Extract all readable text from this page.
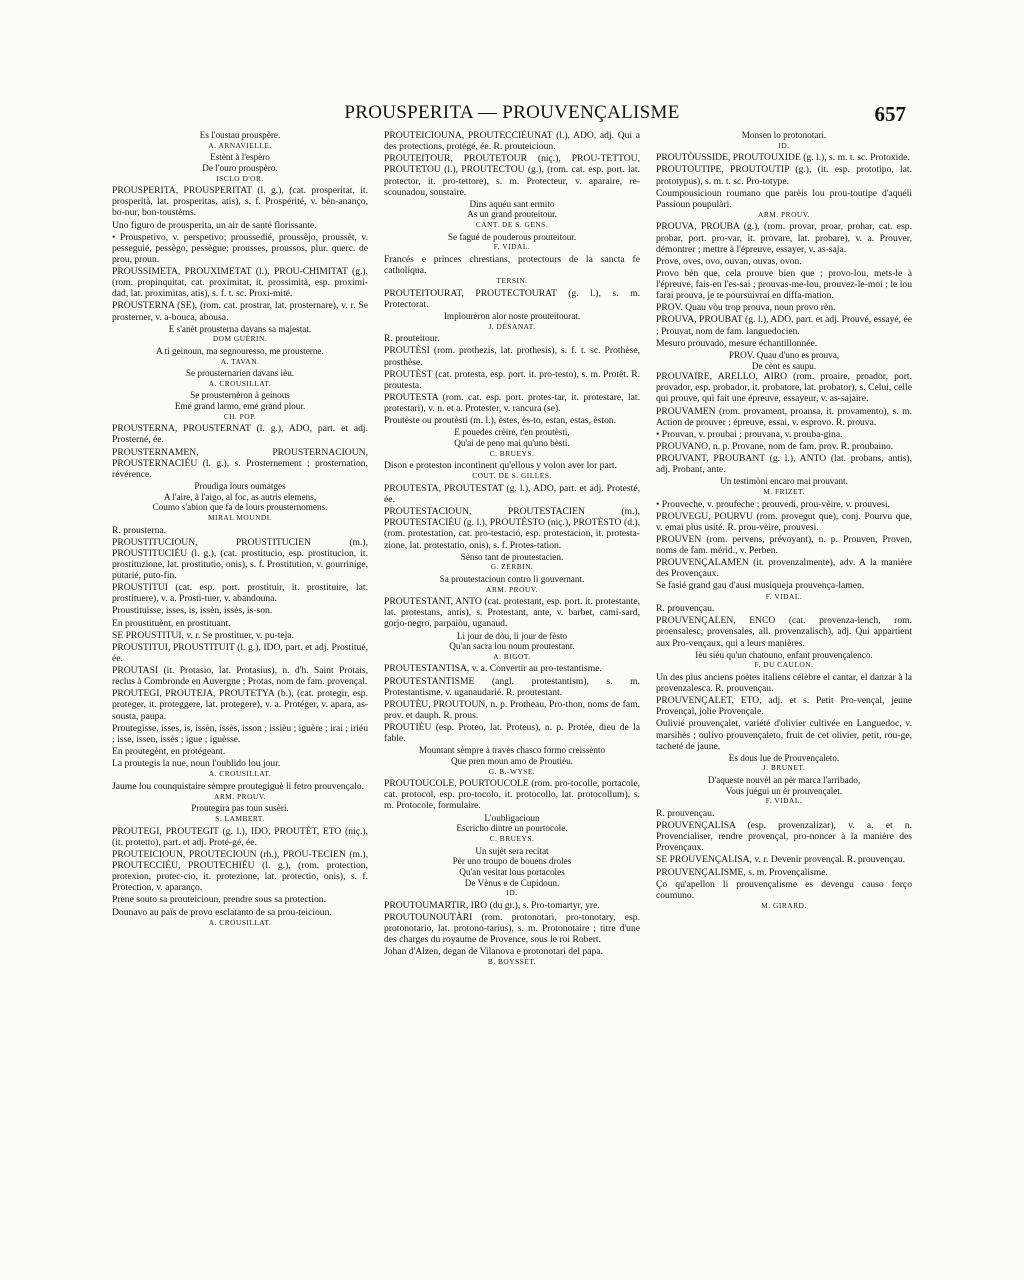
PROUSPERITA — PROUVENÇALISME	657

Es l'oustau prouspère.

A. ARNAVIELLE.

Estènt à l'espèro

De l'ouro prouspèro.

ISCLO D'OR.

PROUSPERITA, PROUSPERITAT (l. g.), (cat. prosperitat, it. prosperità, lat. prosperitas, atis), s. f. Prospérité, v. bèn-ananço, bo-nur, bon-toustèms.

Uno figuro de prousperita, un air de santé florissante.

• Prouspetivo, v. perspetivo; proussedié, proussèjo, proussèt, v. pesseguié, pessègo, pessègue; prousses, proussos, plur. querc. de prou, proun.

PROUSSIMETA, PROUXIMETAT (l.), PROU-CHIMITAT (g.), (rom. propinquitat, cat. proximitat, it. prossimità, esp. proximi-dad, lat. proximitas, atis), s. f. t. sc. Proxi-mité.

PROUSTERNA (SE), (rom. cat. prostrar, lat. prosternare), v. r. Se prosterner, v. a-bouca, abousa.

E s'anèt prousterna davans sa majestat.

DOM GUÉRIN.

A ti geinoun, ma segnouresso, me prousterne.

A. TAVAN.

Se prousternarien davans ièu.

A. CROUSILLAT.

Se prousternèron à geinous

Emé grand larmo, emé grand plour.

CH. POP.

PROUSTERNA, PROUSTERNAT (l. g.), ADO, part. et adj. Prosterné, ée.

PROUSTERNAMEN, PROUSTERNACIOUN, PROUSTERNACIÉU (l. g.), s. Prosternement ; prosternation, révérence.

Proudiga lours oumatges

A l'aire, à l'aigo, al foc, as autris elemens,

Coumo s'abion que fa de lours prousternomens.

MIRAL MOUNDI.

R. prousterna.

PROUSTITUCIOUN, PROUSTITUCIEN (m.), PROUSTITUCIÉU (l. g.), (cat. prostitucio, esp. prostitucion, it. prostituzione, lat. prostitutio, onis), s. f. Prostitution, v. gourrinige, putarié, puto-fin.

PROUSTITUI (cat. esp. port. prostituir, it. prostituire, lat. prostituere), v. a. Prosti-tuer, v. abandouna.

Proustituisse, isses, is, issèn, issès, is-son.

En proustituènt, en prostituant.

SE PROUSTITUI, v. r. Se prostituer, v. pu-teja.

PROUSTITUI, PROUSTITUIT (l. g.), IDO, part. et adj. Prostitué, ée.

PROUTASI (it. Protasio, lat. Protasius), n. d'h. Saint Protais, reclus à Combronde en Auvergne ; Protas, nom de fam. provençal.

PROUTEGI, PROUTEJA, PROUTETYA (b.), (cat. protegir, esp. proteger, it. proteggere, lat. protegere), v. a. Protéger, v. apara, as-sousta, paupa.

Proutegisse, isses, is, issèn, issès, isson ; issièu ; iguère ; irai ; iriéu ; isse, issen, issès ; igue ; iguèsse.

En proutegènt, en protégeant.

La proutegis la nue, noun l'oublido lou jour.

A. CROUSILLAT.

Jaume lou counquistaire sèmpre proutegiguè li fetro prouvençalo.

ARM. PROUV.

Proutegira pas toun susèri.

S. LAMBERT.

PROUTEGI, PROUTEGIT (g. l.), IDO, PROUTÈT, ETO (niç.), (it. protetto), part. et adj. Proté-gé, ée.

PROUTEICIOUN, PROUTECIOUN (rh.), PROU-TECIEN (m.), PROUTECCIÉU, PROUTECHIÉU (l. g.), (rom. protection, protexion, protec-cio, it. protezione, lat. protectio, onis), s. f. Protection, v. aparanço.

Prene souto sa prouteicioun, prendre sous sa protection.

Dounavo au païs de provo esclatanto de sa prou-teicioun.

A. CROUSILLAT.

PROUTEICIOUNA, PROUTECCIÉUNAT (l.), ADO, adj. Qui a des protections, protégé, ée. R. prouteicioun.

PROUTEITOUR, PROUTETOUR (niç.), PROU-TETTOU, PROUTETOU (l.), PROUTECTOU (g.), (rom. cat. esp. port. lat. protector, it. pro-tettore), s. m. Protecteur, v. aparaire, re-scounadou, soustaire.

Dins aquéu sant ermito

As un grand prouteitour.

CANT. DE S. GENS.

Se fagué de pouderous prouteitour.

F. VIDAL.

Francés e princes chrestians, protectours de la sancta fe catholiqua.

TERSIN.

PROUTEITOURAT, PROUTECTOURAT (g. l.), s. m. Protectorat.

Implourèron alor noste prouteitourat.

J. DÉSANAT.

R. prouteitour.

PROUTÈSI (rom. prothezis, lat. prothesis), s. f. t. sc. Prothèse, prosthèse.

PROUTÈST (cat. protesta, esp. port. it. pro-testo), s. m. Protêt. R. proutesta.

PROUTESTA (rom. cat. esp. port. protes-tar, it. protestare, lat. protestari), v. n. et a. Protester, v. rancura (se).

Proutèste ou proutèsti (m. l.), èstes, ès-to, estan, estas, èston.

E pouedes crèire, t'en proutèsti,

Qu'ai de peno mai qu'uno bèsti.

C. BRUEYS.

Dison e proteston incontinent qu'ellous y volon aver lor part.

COUT. DE S. GILLES.

PROUTESTA, PROUTESTAT (g. l.), ADO, part. et adj. Protesté, ée.

PROUTESTACIOUN, PROUTESTACIEN (m.), PROUTESTACIÉU (g. l.), PROUTÈSTO (niç.), PROTÈSTO (d.), (rom. protestation, cat. pro-testació, esp. protestacion, it. protesta-zione, lat. protestatio, onis), s. f. Protes-tation.

Sènso tant de proutestacien.

G. ZERBIN.

Sa proutestacioun contro li gouvernant.

ARM. PROUV.

PROUTESTANT, ANTO (cat. protestant, esp. port. it. protestante, lat. protestans, antis), s. Protestant, ante, v. barbet, cami-sard, gorjo-negro, parpaiòu, uganaud.

Li jour de dòu, li jour de fèsto

Qu'an sacra lou noum proutestant.

A. BIGOT.

PROUTESTANTISA, v. a. Convertir au pro-testantisme.

PROUTESTANTISME (angl. protestantism), s. m. Protestantisme, v. uganaudarié. R. proutestant.

PROUTÈU, PROUTOUN, n. p. Protheau, Pro-thon, noms de fam. prov. et dauph. R. prous.

PROUTIÈU (esp. Proteo, lat. Proteus), n. p. Protée, dieu de la fable.

Mountant sèmpre à travès chasco formo creissènto

Que pren moun amo de Proutièu.

G. B.-WYSE.

PROUTOUCOLE, POURTOUCOLE (rom. pro-tocolle, portacole, cat. protocol, esp. pro-tocolo, it. protocollo, lat. protocollum), s. m. Protocole, formulaire.

L'oubligacioun

Escricho dintre un pourtocole.

C. BRUEYS.

Un sujèt sera recitat

Pèr uno troupo de bouens droles

Qu'an vesitat lous portacoles

De Vènus e de Cupidoun.

ID.

PROUTOUMARTIR, IRO (du gr.), s. Pro-tomartyr, yre.

PROUTOUNOUTÀRI (rom. protonotari, pro-tonotary, esp. protonotario, lat. protono-tarius), s. m. Protonotaire ; titre d'une des charges du royaume de Provence, sous le roi Robert.

Johan d'Alzen, degan de Vilanova e protonotari del papa.

B. BOYSSET.

Monsen lo protonotari.

ID.

PROUTÒUSSIDE, PROUTOUXIDE (g. l.), s. m. t. sc. Protoxide.

PROUTOUTIPE, PROUTOUTIP (g.), (it. esp. prototipo, lat. prototypus), s. m. t. sc. Pro-totype.

Coumpousicioun roumano que parèis lou prou-toutipe d'aquéli Passioun poupulàri.

ARM. PROUV.

PROUVA, PROUBA (g.), (rom. provar, proar, prohar, cat. esp. probar, port. pro-var, it. provare, lat. probare), v. a. Prouver, démontrer ; mettre à l'épreuve, essayer, v. as-saja.

Prove, oves, ovo, ouvan, ouvas, ovon.

Provo bèn que, cela prouve bien que ; provo-lou, mets-le à l'épreuve, fais-en l'es-sai ; prouvas-me-lou, prouvez-le-moi ; le lou farai prouva, je te poursuivrai en diffa-mation.

PROV. Quau vòu trop prouva, noun provo rèn.

PROUVA, PROUBAT (g. l.), ADO, part. et adj. Prouvé, essayé, ée ; Prouvat, nom de fam. languedocien.

Mesuro prouvado, mesure échantillonnée.

PROV. Quau d'uno es prouva,

De cènt es saupu.

PROUVAIRE, ARELLO, AIRO (rom. proaire, proador, port. provador, esp. probador, it. probatore, lat. probator), s. Celui, celle qui prouve, qui fait une épreuve, essayeur, v. as-sajaire.

PROUVAMEN (rom. provament, proansa, it. provamento), s. m. Action de prouver ; épreuve, essai, v. esprovo. R. prouva.

• Prouvan, v. proubai ; prouvana, v. prouba-gina.

PROUVANO, n. p. Provane, nom de fam. prov. R. proubaino.

PROUVANT, PROUBANT (g. l.), ANTO (lat. probans, antis), adj. Probant, ante.

Un testimòni encaro mai prouvant.

M. FRIZET.

• Prouveche, v. proufeche ; prouvedi, prou-vèire, v. prouvesi.

PROUVEGU, POURVU (rom. provegut que), conj. Pourvu que, v. emai plus usité. R. prou-vèire, prouvesi.

PROUVEN (rom. pervens, prévoyant), n. p. Prouven, Proven, noms de fam. mérid., v. Perben.

PROUVENÇALAMEN (it. provenzalmente), adv. A la manière des Provençaux.

Se fasié grand gau d'ausi musiqueja prouvença-lamen.

F. VIDAL.

R. prouvençau.

PROUVENÇALEN, ENCO (cat. provenza-lench, rom. proensalesc, provensales, all. provenzalisch), adj. Qui appartient aux Pro-vençaux, qui a leurs manières.

Ièu siéu qu'un chatouno, enfant prouvençalenco.

F. DU CAULON.

Un des plus anciens poètes italiens célèbre el cantar, el danzar à la provenzalesca. R. prouvençau.

PROUVENÇALET, ETO, adj. et s. Petit Pro-vençal, jeune Provençal, jolie Provençale.

Oulivié prouvençalet, variété d'olivier cultivée en Languedoc, v. marsihès ; oulivo prouvençaleto, fruit de cet olivier, petit, rou-ge, tacheté de jaune.

Es dous lue de Prouvençaleto.

J. BRUNET.

D'aqueste nouvèl an pèr marca l'arribado,

Vous juégui un èr prouvençalet.

F. VIDAL.

R. prouvençau.

PROUVENÇALISA (esp. provenzalizar), v. a. et n. Provencialiser, rendre provençal, pro-noncer à la manière des Provençaux.

SE PROUVENÇALISA, v. r. Devenir provençal. R. prouvençau.

PROUVENÇALISME, s. m. Provençalisme.

Ço qu'apellon li prouvençalisme es devengu causo forço coumuno.

M. GIRARD.
